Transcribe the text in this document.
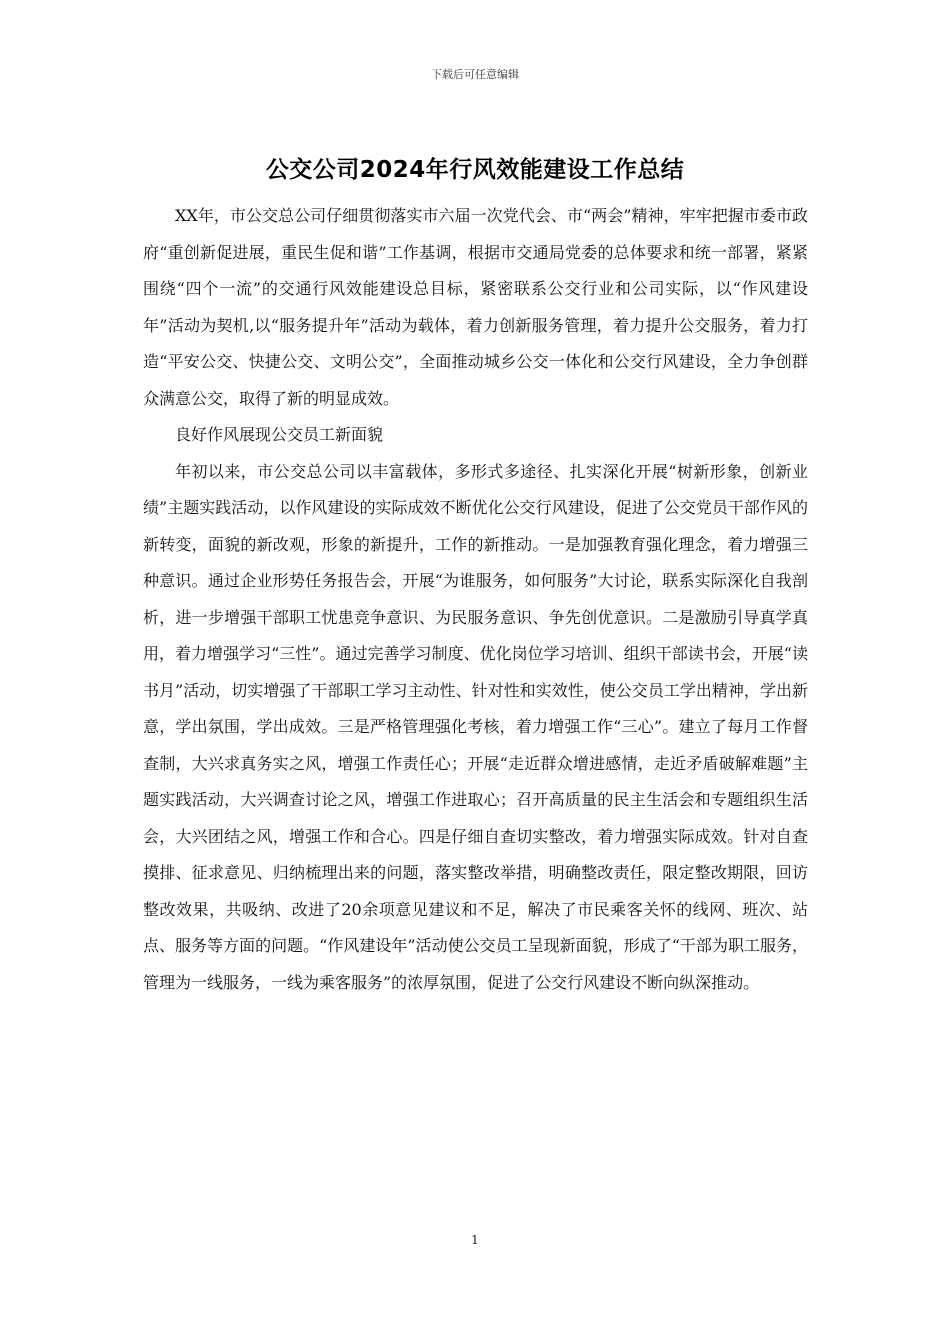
下载后可任意编辑
公交公司2024年行风效能建设工作总结

XX年，市公交总公司仔细贯彻落实市六届一次党代会、市“两会”精神，牢牢把握市委市政府“重创新促进展，重民生促和谐”工作基调，根据市交通局党委的总体要求和统一部署，紧紧围绕“四个一流”的交通行风效能建设总目标，紧密联系公交行业和公司实际，以“作风建设年”活动为契机,以“服务提升年”活动为载体，着力创新服务管理，着力提升公交服务，着力打造“平安公交、快捷公交、文明公交”，全面推动城乡公交一体化和公交行风建设，全力争创群众满意公交，取得了新的明显成效。

良好作风展现公交员工新面貌

年初以来，市公交总公司以丰富载体，多形式多途径、扎实深化开展“树新形象，创新业绩”主题实践活动，以作风建设的实际成效不断优化公交行风建设，促进了公交党员干部作风的新转变，面貌的新改观，形象的新提升，工作的新推动。一是加强教育强化理念，着力增强三种意识。通过企业形势任务报告会，开展“为谁服务，如何服务”大讨论，联系实际深化自我剖析，进一步增强干部职工忧患竞争意识、为民服务意识、争先创优意识。二是激励引导真学真用，着力增强学习“三性”。通过完善学习制度、优化岗位学习培训、组织干部读书会，开展“读书月”活动，切实增强了干部职工学习主动性、针对性和实效性，使公交员工学出精神，学出新意，学出氛围，学出成效。三是严格管理强化考核，着力增强工作“三心”。建立了每月工作督查制，大兴求真务实之风，增强工作责任心；开展“走近群众增进感情，走近矛盾破解难题”主题实践活动，大兴调查讨论之风，增强工作进取心；召开高质量的民主生活会和专题组织生活会，大兴团结之风，增强工作和合心。四是仔细自查切实整改，着力增强实际成效。针对自查摸排、征求意见、归纳梳理出来的问题，落实整改举措，明确整改责任，限定整改期限，回访整改效果，共吸纳、改进了20余项意见建议和不足，解决了市民乘客关怀的线网、班次、站点、服务等方面的问题。“作风建设年”活动使公交员工呈现新面貌，形成了“干部为职工服务，管理为一线服务，一线为乘客服务”的浓厚氛围，促进了公交行风建设不断向纵深推动。

1
